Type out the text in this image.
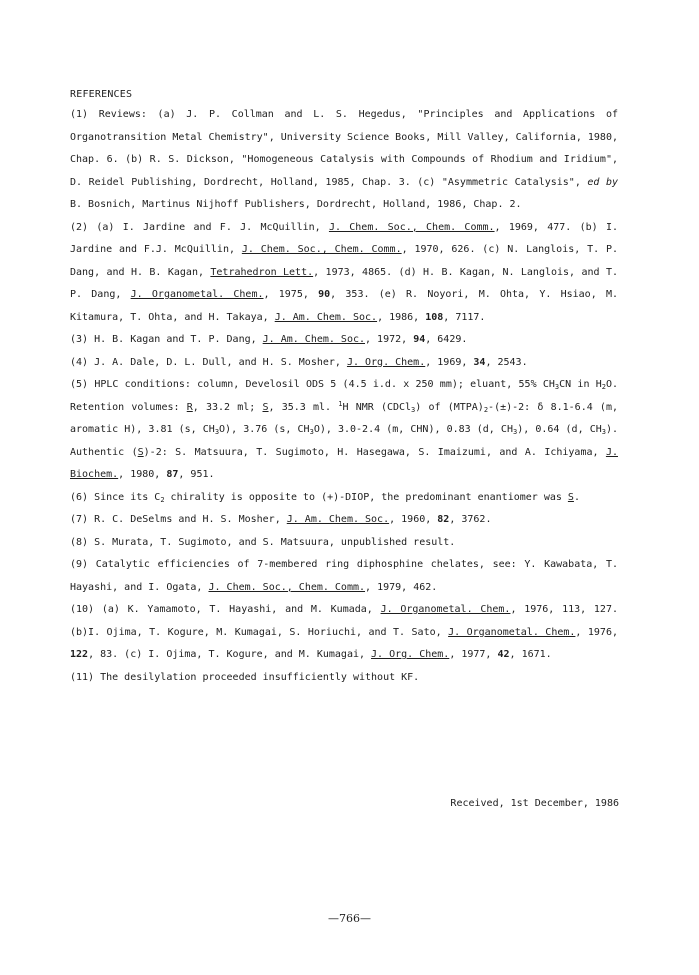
REFERENCES
(1) Reviews: (a) J. P. Collman and L. S. Hegedus, "Principles and Applications of Organotransition Metal Chemistry", University Science Books, Mill Valley, California, 1980, Chap. 6. (b) R. S. Dickson, "Homogeneous Catalysis with Compounds of Rhodium and Iridium", D. Reidel Publishing, Dordrecht, Holland, 1985, Chap. 3. (c) "Asymmetric Catalysis", ed by B. Bosnich, Martinus Nijhoff Publishers, Dordrecht, Holland, 1986, Chap. 2.
(2) (a) I. Jardine and F. J. McQuillin, J. Chem. Soc., Chem. Comm., 1969, 477. (b) I. Jardine and F.J. McQuillin, J. Chem. Soc., Chem. Comm., 1970, 626. (c) N. Langlois, T. P. Dang, and H. B. Kagan, Tetrahedron Lett., 1973, 4865. (d) H. B. Kagan, N. Langlois, and T. P. Dang, J. Organometal. Chem., 1975, 90, 353. (e) R. Noyori, M. Ohta, Y. Hsiao, M. Kitamura, T. Ohta, and H. Takaya, J. Am. Chem. Soc., 1986, 108, 7117.
(3) H. B. Kagan and T. P. Dang, J. Am. Chem. Soc., 1972, 94, 6429.
(4) J. A. Dale, D. L. Dull, and H. S. Mosher, J. Org. Chem., 1969, 34, 2543.
(5) HPLC conditions: column, Develosil ODS 5 (4.5 i.d. x 250 mm); eluant, 55% $CH_3CN$ in $H_2O$. Retention volumes: R, 33.2 ml; S, 35.3 ml. $^1$H NMR (CDCl$_3$) of $(MTPA)_2-(\pm)-2$: δ 8.1-6.4 (m, aromatic H), 3.81 (s, $CH_3O$), 3.76 (s, $CH_3O$), 3.0-2.4 (m, CHN), 0.83 (d, $CH_3$), 0.64 (d, $CH_3$). Authentic (S)-2: S. Matsuura, T. Sugimoto, H. Hasegawa, S. Imaizumi, and A. Ichiyama, J. Biochem., 1980, 87, 951.
(6) Since its $C_2$ chirality is opposite to (+)-DIOP, the predominant enantiomer was S.
(7) R. C. DeSelms and H. S. Mosher, J. Am. Chem. Soc., 1960, 82, 3762.
(8) S. Murata, T. Sugimoto, and S. Matsuura, unpublished result.
(9) Catalytic efficiencies of 7-membered ring diphosphine chelates, see: Y. Kawabata, T. Hayashi, and I. Ogata, J. Chem. Soc., Chem. Comm., 1979, 462.
(10) (a) K. Yamamoto, T. Hayashi, and M. Kumada, J. Organometal. Chem., 1976, 113, 127. (b)I. Ojima, T. Kogure, M. Kumagai, S. Horiuchi, and T. Sato, J. Organometal. Chem., 1976, 122, 83. (c) I. Ojima, T. Kogure, and M. Kumagai, J. Org. Chem., 1977, 42, 1671.
(11) The desilylation proceeded insufficiently without KF.
Received, 1st December, 1986
—766—
